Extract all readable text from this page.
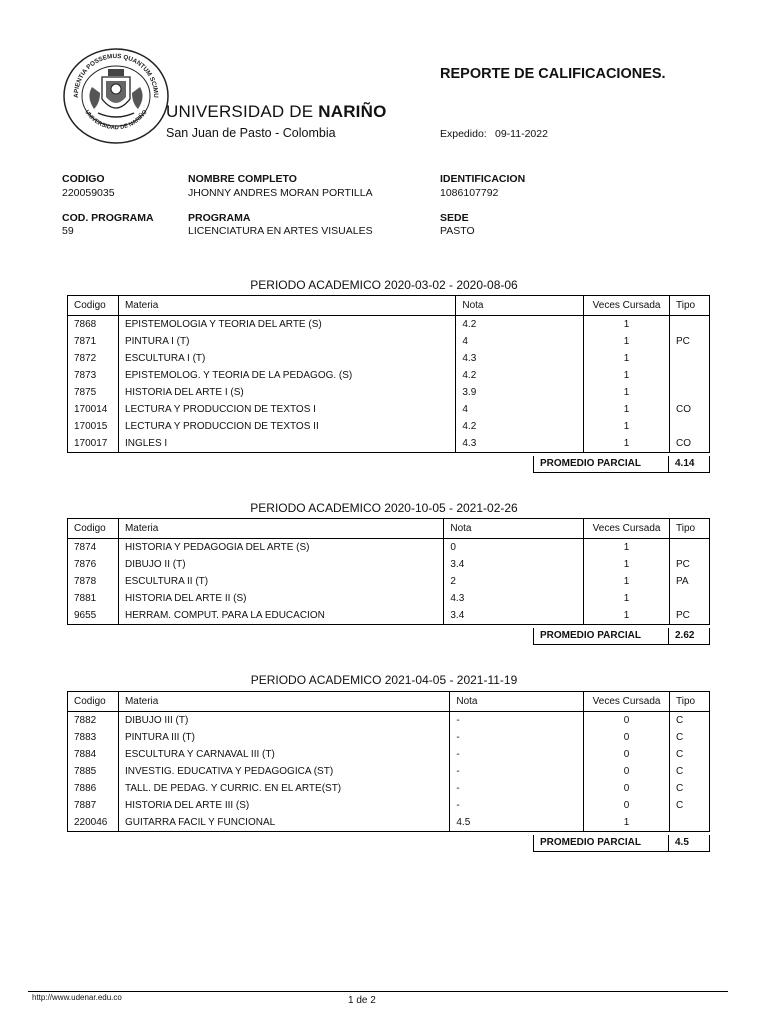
APIENTIA POSSEMUS QUANTUM SCIMU
UNIVERSIDAD DE NARIÑO UNIVERSIDAD DE NARIÑO
San Juan de Pasto - Colombia
REPORTE DE CALIFICACIONES.
Expedido: 09-11-2022
CODIGO
220059035
NOMBRE COMPLETO
JHONNY ANDRES MORAN PORTILLA
IDENTIFICACION
1086107792
COD. PROGRAMA
59
PROGRAMA
LICENCIATURA EN ARTES VISUALES
SEDE
PASTO
PERIODO ACADEMICO 2020-03-02 - 2020-08-06
Codigo	Materia	Nota	Veces Cursada	Tipo
7868	EPISTEMOLOGIA Y TEORIA DEL ARTE (S)	4.2	1	
7871	PINTURA I (T)	4	1	PC
7872	ESCULTURA I (T)	4.3	1	
7873	EPISTEMOLOG. Y TEORIA DE LA PEDAGOG. (S)	4.2	1	
7875	HISTORIA DEL ARTE I (S)	3.9	1	
170014	LECTURA Y PRODUCCION DE TEXTOS I	4	1	CO
170015	LECTURA Y PRODUCCION DE TEXTOS II	4.2	1	
170017	INGLES I	4.3	1	CO
PROMEDIO PARCIAL	4.14
PERIODO ACADEMICO 2020-10-05 - 2021-02-26
Codigo	Materia	Nota	Veces Cursada	Tipo
7874	HISTORIA Y PEDAGOGIA DEL ARTE (S)	0	1	
7876	DIBUJO II (T)	3.4	1	PC
7878	ESCULTURA II (T)	2	1	PA
7881	HISTORIA DEL ARTE II (S)	4.3	1	
9655	HERRAM. COMPUT. PARA LA EDUCACION	3.4	1	PC
PROMEDIO PARCIAL	2.62
PERIODO ACADEMICO 2021-04-05 - 2021-11-19
Codigo	Materia	Nota	Veces Cursada	Tipo
7882	DIBUJO III (T)	-	0	C
7883	PINTURA III (T)	-	0	C
7884	ESCULTURA Y CARNAVAL III (T)	-	0	C
7885	INVESTIG. EDUCATIVA Y PEDAGOGICA (ST)	-	0	C
7886	TALL. DE PEDAG. Y CURRIC. EN EL ARTE(ST)	-	0	C
7887	HISTORIA DEL ARTE III (S)	-	0	C
220046	GUITARRA FACIL Y FUNCIONAL	4.5	1	
PROMEDIO PARCIAL	4.5
http://www.udenar.edu.co	1 de 2
